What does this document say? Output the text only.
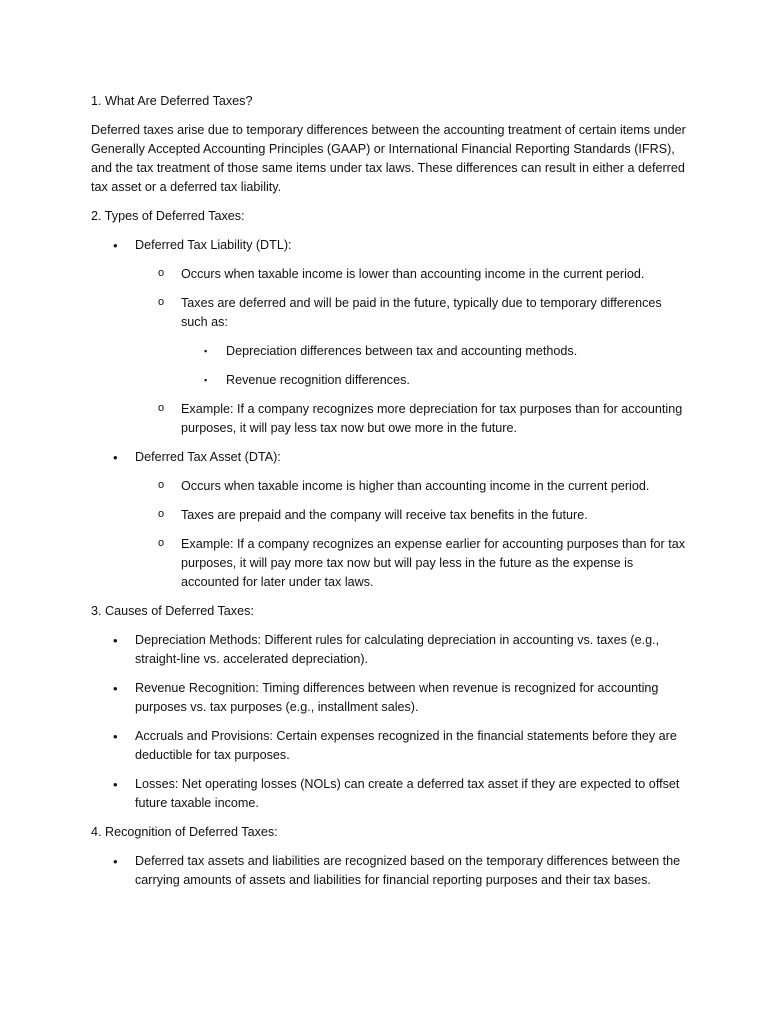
1. What Are Deferred Taxes?
Deferred taxes arise due to temporary differences between the accounting treatment of certain items under Generally Accepted Accounting Principles (GAAP) or International Financial Reporting Standards (IFRS), and the tax treatment of those same items under tax laws. These differences can result in either a deferred tax asset or a deferred tax liability.
2. Types of Deferred Taxes:
• Deferred Tax Liability (DTL):
o Occurs when taxable income is lower than accounting income in the current period.
o Taxes are deferred and will be paid in the future, typically due to temporary differences such as:
▪ Depreciation differences between tax and accounting methods.
▪ Revenue recognition differences.
o Example: If a company recognizes more depreciation for tax purposes than for accounting purposes, it will pay less tax now but owe more in the future.
• Deferred Tax Asset (DTA):
o Occurs when taxable income is higher than accounting income in the current period.
o Taxes are prepaid and the company will receive tax benefits in the future.
o Example: If a company recognizes an expense earlier for accounting purposes than for tax purposes, it will pay more tax now but will pay less in the future as the expense is accounted for later under tax laws.
3. Causes of Deferred Taxes:
• Depreciation Methods: Different rules for calculating depreciation in accounting vs. taxes (e.g., straight-line vs. accelerated depreciation).
• Revenue Recognition: Timing differences between when revenue is recognized for accounting purposes vs. tax purposes (e.g., installment sales).
• Accruals and Provisions: Certain expenses recognized in the financial statements before they are deductible for tax purposes.
• Losses: Net operating losses (NOLs) can create a deferred tax asset if they are expected to offset future taxable income.
4. Recognition of Deferred Taxes:
• Deferred tax assets and liabilities are recognized based on the temporary differences between the carrying amounts of assets and liabilities for financial reporting purposes and their tax bases.
